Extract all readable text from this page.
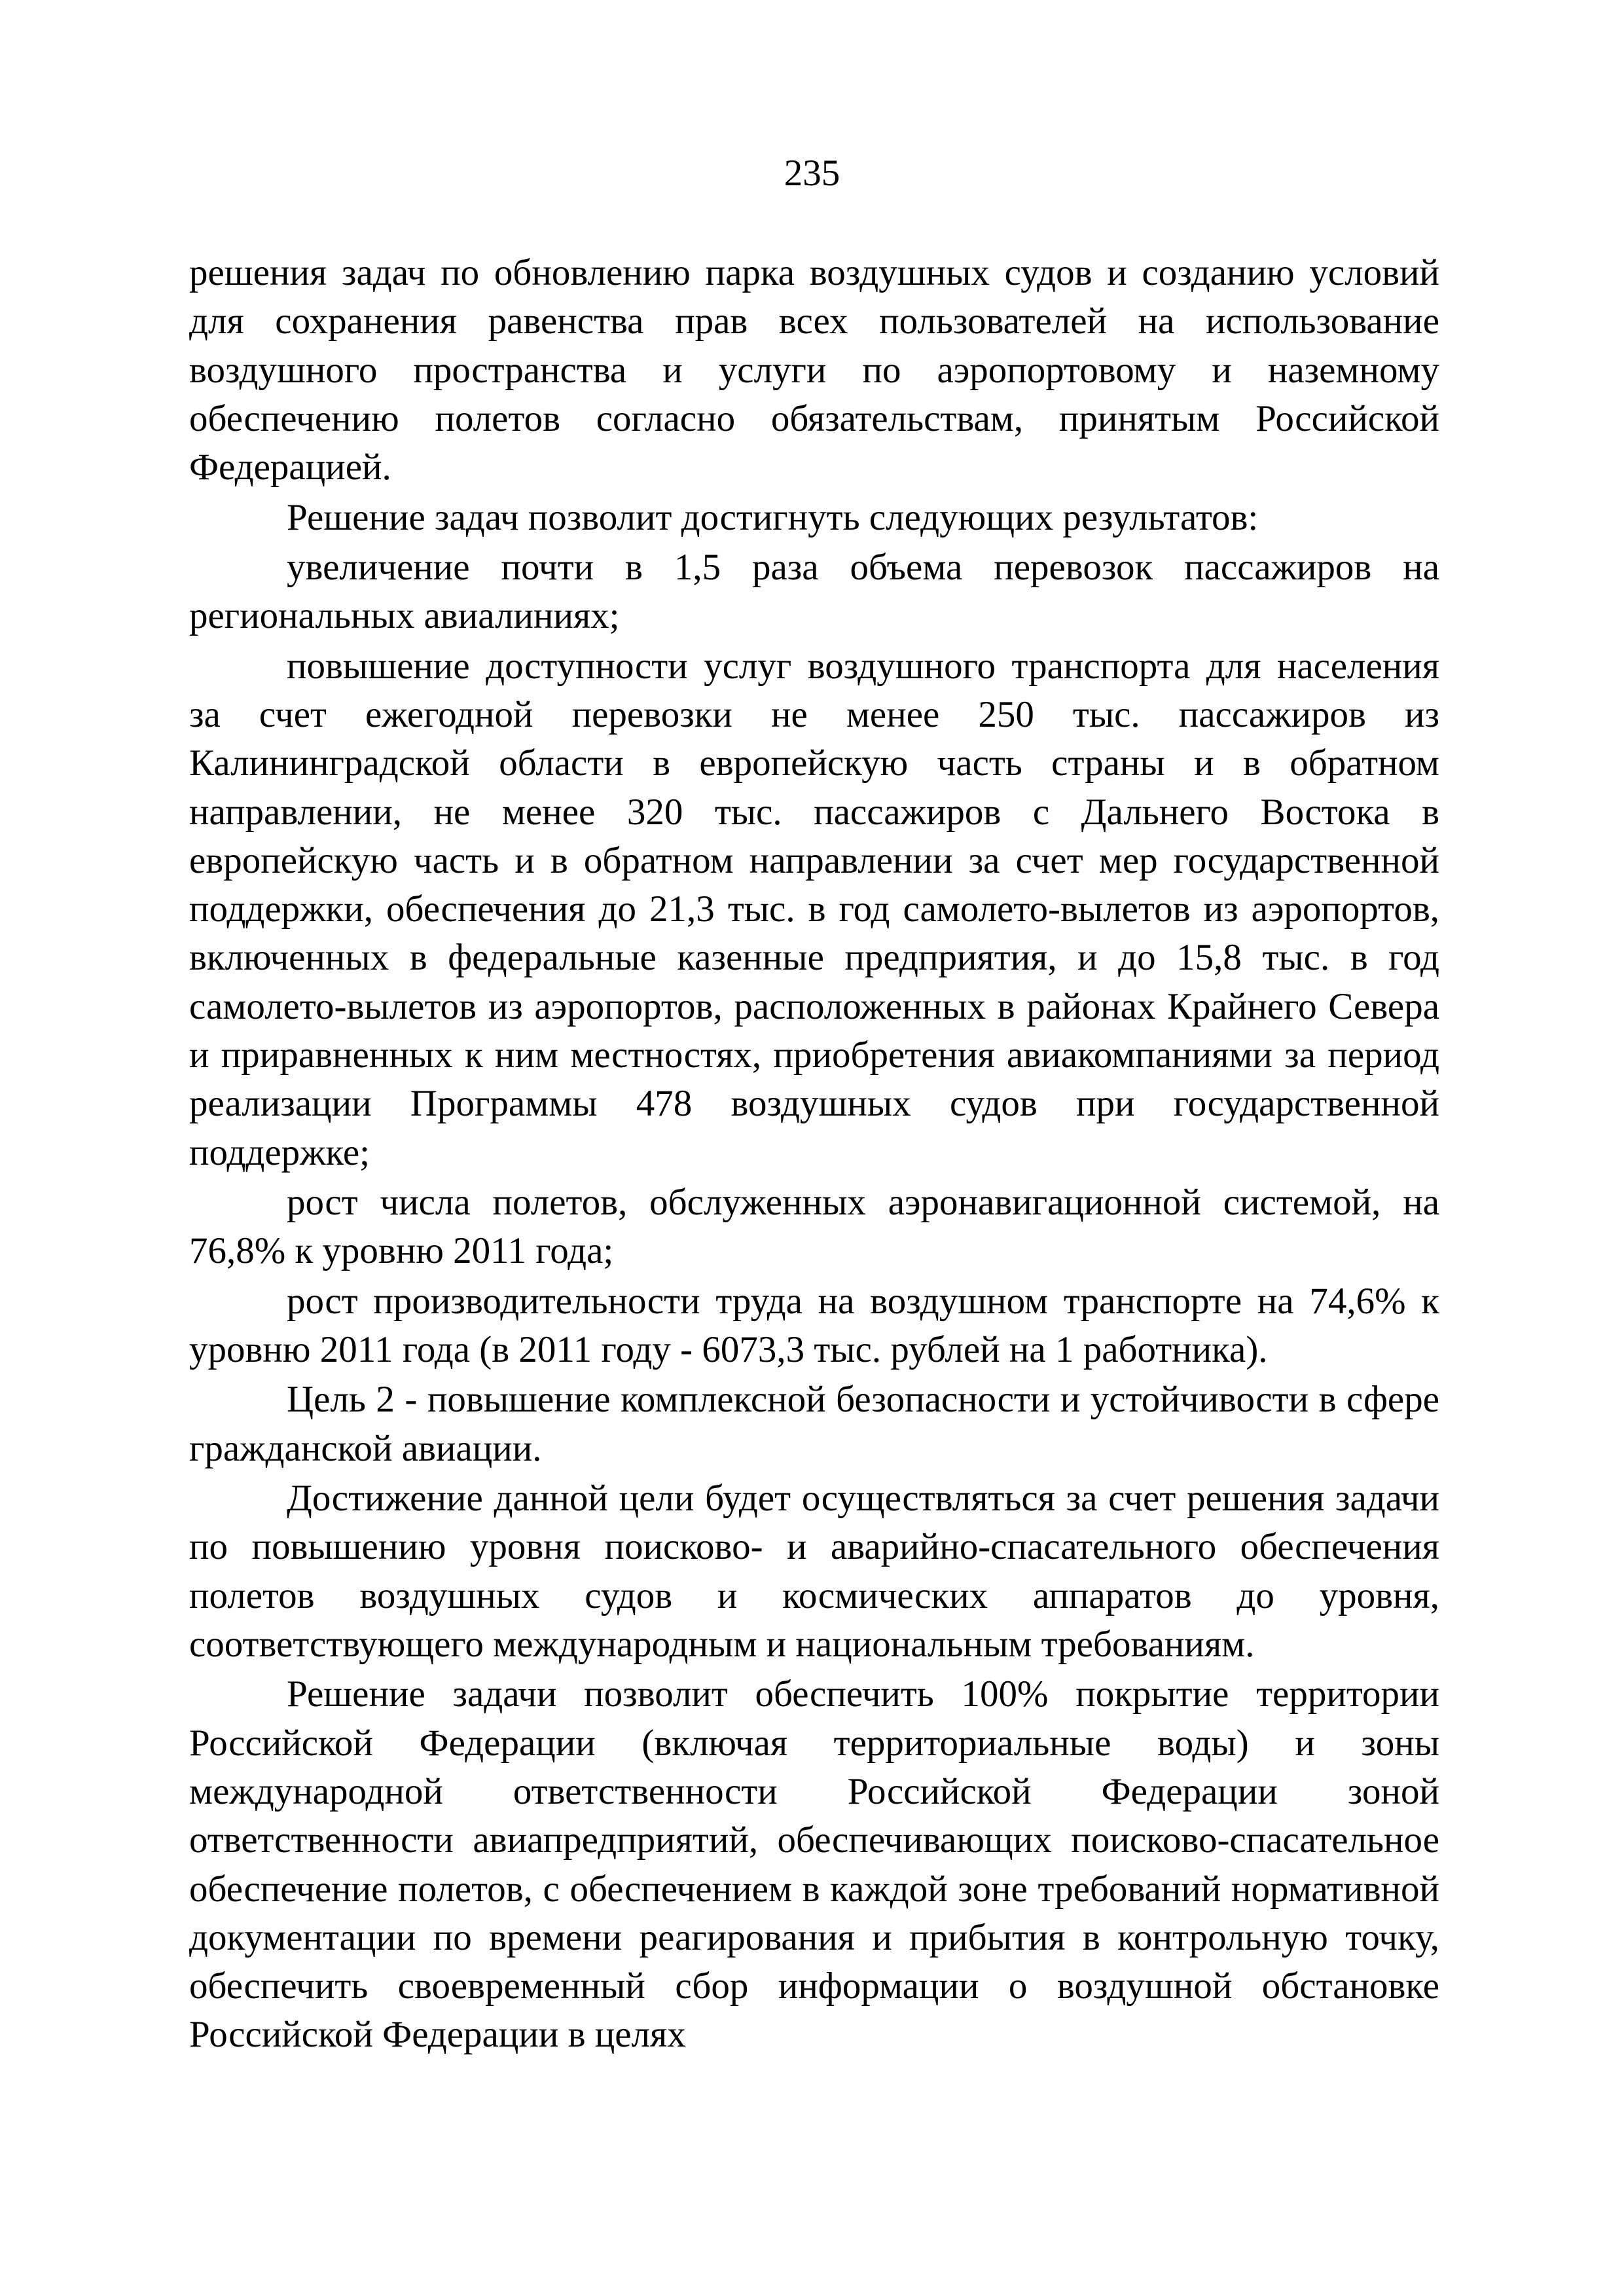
235

решения задач по обновлению парка воздушных судов и созданию условий для сохранения равенства прав всех пользователей на использование воздушного пространства и услуги по аэропортовому и наземному обеспечению полетов согласно обязательствам, принятым Российской Федерацией.

Решение задач позволит достигнуть следующих результатов:

увеличение почти в 1,5 раза объема перевозок пассажиров на региональных авиалиниях;

повышение доступности услуг воздушного транспорта для населения за счет ежегодной перевозки не менее 250 тыс. пассажиров из Калининградской области в европейскую часть страны и в обратном направлении, не менее 320 тыс. пассажиров с Дальнего Востока в европейскую часть и в обратном направлении за счет мер государственной поддержки, обеспечения до 21,3 тыс. в год самолето-вылетов из аэропортов, включенных в федеральные казенные предприятия, и до 15,8 тыс. в год самолето-вылетов из аэропортов, расположенных в районах Крайнего Севера и приравненных к ним местностях, приобретения авиакомпаниями за период реализации Программы 478 воздушных судов при государственной поддержке;

рост числа полетов, обслуженных аэронавигационной системой, на 76,8% к уровню 2011 года;

рост производительности труда на воздушном транспорте на 74,6% к уровню 2011 года (в 2011 году - 6073,3 тыс. рублей на 1 работника).

Цель 2 - повышение комплексной безопасности и устойчивости в сфере гражданской авиации.

Достижение данной цели будет осуществляться за счет решения задачи по повышению уровня поисково- и аварийно-спасательного обеспечения полетов воздушных судов и космических аппаратов до уровня, соответствующего международным и национальным требованиям.

Решение задачи позволит обеспечить 100% покрытие территории Российской Федерации (включая территориальные воды) и зоны международной ответственности Российской Федерации зоной ответственности авиапредприятий, обеспечивающих поисково-спасательное обеспечение полетов, с обеспечением в каждой зоне требований нормативной документации по времени реагирования и прибытия в контрольную точку, обеспечить своевременный сбор информации о воздушной обстановке Российской Федерации в целях
